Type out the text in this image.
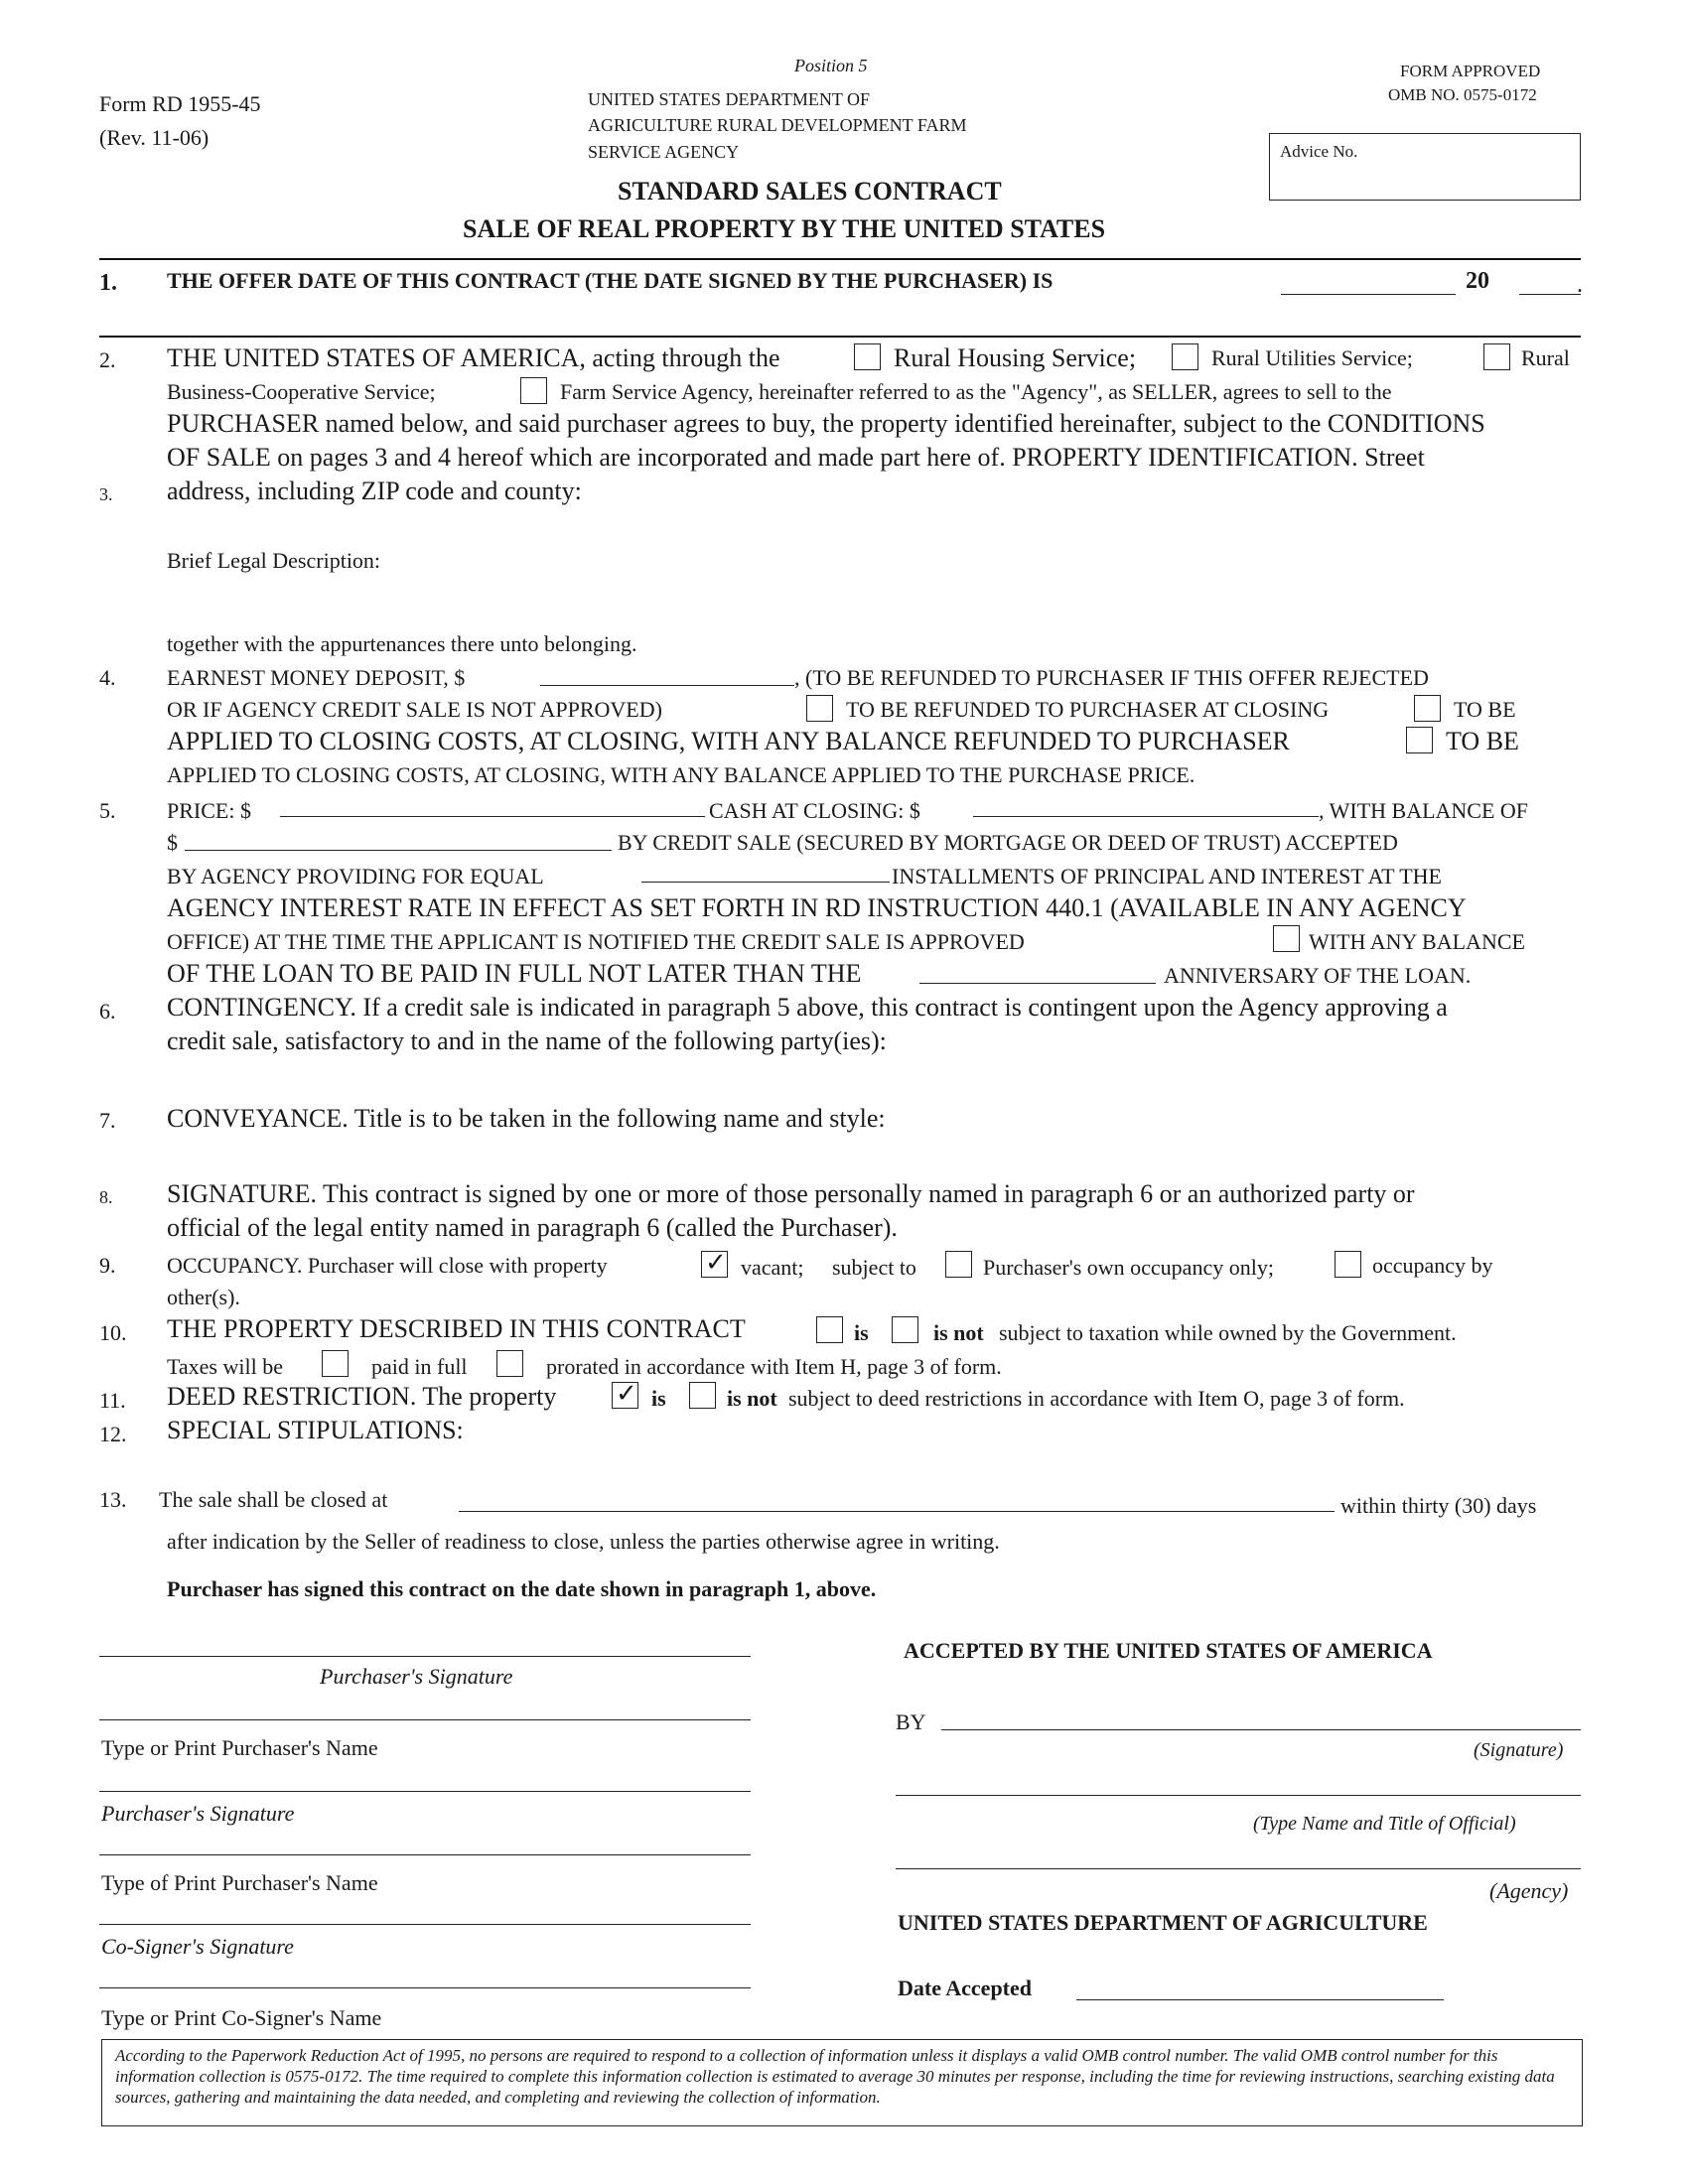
Form RD 1955-45
(Rev. 11-06)
Position 5
UNITED STATES DEPARTMENT OF
AGRICULTURE RURAL DEVELOPMENT FARM
SERVICE AGENCY
FORM APPROVED
OMB NO. 0575-0172
Advice No.
STANDARD SALES CONTRACT
SALE OF REAL PROPERTY BY THE UNITED STATES
1. THE OFFER DATE OF THIS CONTRACT (THE DATE SIGNED BY THE PURCHASER) IS	20	.
2. THE UNITED STATES OF AMERICA, acting through the	Rural Housing Service;	Rural Utilities Service;	Rural
Business-Cooperative Service;	Farm Service Agency, hereinafter referred to as the "Agency", as SELLER, agrees to sell to the
PURCHASER named below, and said purchaser agrees to buy, the property identified hereinafter, subject to the CONDITIONS
OF SALE on pages 3 and 4 hereof which are incorporated and made part here of. PROPERTY IDENTIFICATION. Street
3. address, including ZIP code and county:
Brief Legal Description:
together with the appurtenances there unto belonging.
4. EARNEST MONEY DEPOSIT, $	, (TO BE REFUNDED TO PURCHASER IF THIS OFFER REJECTED
OR IF AGENCY CREDIT SALE IS NOT APPROVED)	TO BE REFUNDED TO PURCHASER AT CLOSING	TO BE
APPLIED TO CLOSING COSTS, AT CLOSING, WITH ANY BALANCE REFUNDED TO PURCHASER	TO BE
APPLIED TO CLOSING COSTS, AT CLOSING, WITH ANY BALANCE APPLIED TO THE PURCHASE PRICE.
5. PRICE: $	CASH AT CLOSING: $	, WITH BALANCE OF
$	BY CREDIT SALE (SECURED BY MORTGAGE OR DEED OF TRUST) ACCEPTED
BY AGENCY PROVIDING FOR EQUAL	INSTALLMENTS OF PRINCIPAL AND INTEREST AT THE
AGENCY INTEREST RATE IN EFFECT AS SET FORTH IN RD INSTRUCTION 440.1 (AVAILABLE IN ANY AGENCY
OFFICE) AT THE TIME THE APPLICANT IS NOTIFIED THE CREDIT SALE IS APPROVED	WITH ANY BALANCE
OF THE LOAN TO BE PAID IN FULL NOT LATER THAN THE	ANNIVERSARY OF THE LOAN.
6. CONTINGENCY. If a credit sale is indicated in paragraph 5 above, this contract is contingent upon the Agency approving a
credit sale, satisfactory to and in the name of the following party(ies):
7. CONVEYANCE. Title is to be taken in the following name and style:
8. SIGNATURE. This contract is signed by one or more of those personally named in paragraph 6 or an authorized party or
official of the legal entity named in paragraph 6 (called the Purchaser).
9. OCCUPANCY. Purchaser will close with property	✓ vacant; subject to	Purchaser's own occupancy only;	occupancy by
other(s).
10. THE PROPERTY DESCRIBED IN THIS CONTRACT	is	is not subject to taxation while owned by the Government.
Taxes will be	paid in full	prorated in accordance with Item H, page 3 of form.
11. DEED RESTRICTION. The property ✓ is	is not subject to deed restrictions in accordance with Item O, page 3 of form.
12. SPECIAL STIPULATIONS:
13. The sale shall be closed at	within thirty (30) days
after indication by the Seller of readiness to close, unless the parties otherwise agree in writing.
Purchaser has signed this contract on the date shown in paragraph 1, above.
Purchaser's Signature
Type or Print Purchaser's Name
Purchaser's Signature
Type of Print Purchaser's Name
Co-Signer's Signature
Type or Print Co-Signer's Name
ACCEPTED BY THE UNITED STATES OF AMERICA
BY
(Signature)
(Type Name and Title of Official)
(Agency)
UNITED STATES DEPARTMENT OF AGRICULTURE
Date Accepted
According to the Paperwork Reduction Act of 1995, no persons are required to respond to a collection of information unless it displays a valid OMB control number. The valid OMB control number for this information collection is 0575-0172. The time required to complete this information collection is estimated to average 30 minutes per response, including the time for reviewing instructions, searching existing data sources, gathering and maintaining the data needed, and completing and reviewing the collection of information.
